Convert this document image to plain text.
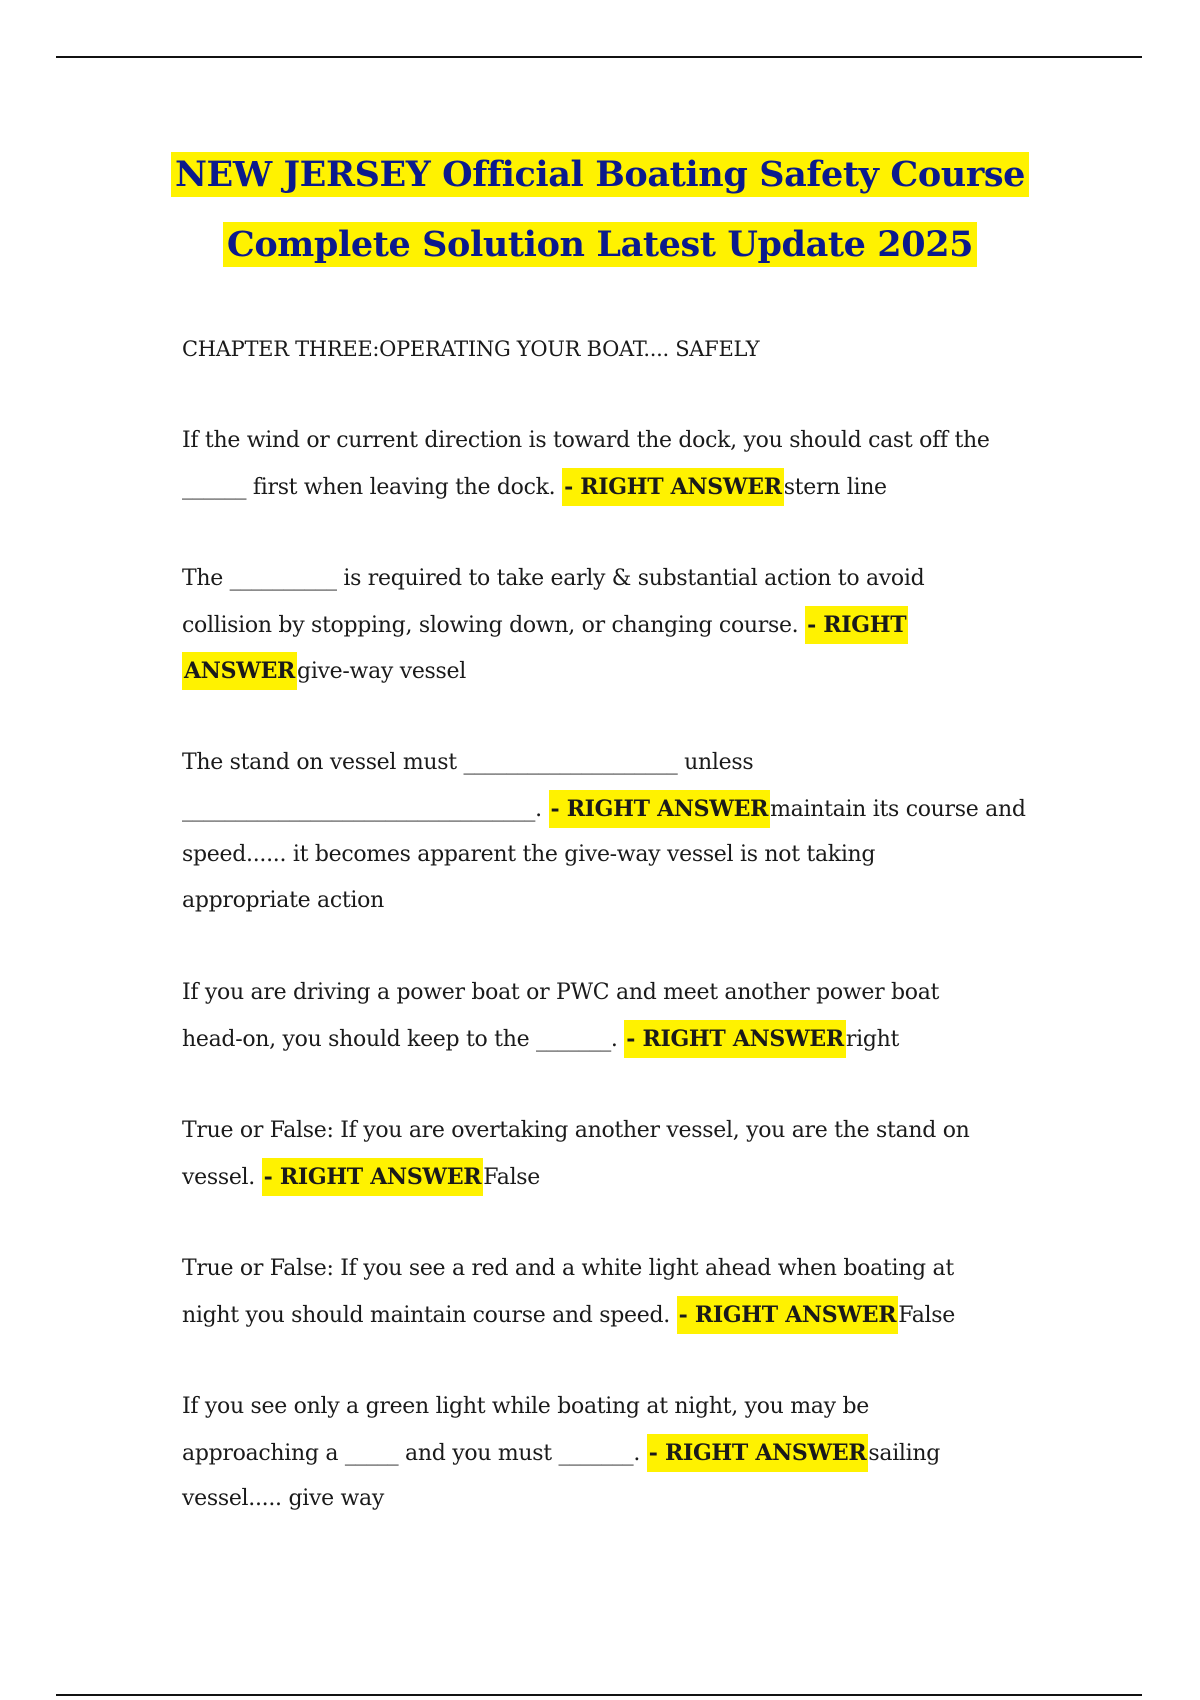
NEW JERSEY Official Boating Safety Course
Complete Solution Latest Update 2025
CHAPTER THREE:OPERATING YOUR BOAT.... SAFELY
If the wind or current direction is toward the dock, you should cast off the
______ first when leaving the dock. - RIGHT ANSWERstern line
The __________ is required to take early & substantial action to avoid
collision by stopping, slowing down, or changing course. - RIGHT
ANSWERgive-way vessel
The stand on vessel must ____________________ unless
_________________________________. - RIGHT ANSWERmaintain its course and
speed...... it becomes apparent the give-way vessel is not taking
appropriate action
If you are driving a power boat or PWC and meet another power boat
head-on, you should keep to the _______. - RIGHT ANSWERright
True or False: If you are overtaking another vessel, you are the stand on
vessel. - RIGHT ANSWERFalse
True or False: If you see a red and a white light ahead when boating at
night you should maintain course and speed. - RIGHT ANSWERFalse
If you see only a green light while boating at night, you may be
approaching a _____ and you must _______. - RIGHT ANSWERsailing
vessel..... give way
